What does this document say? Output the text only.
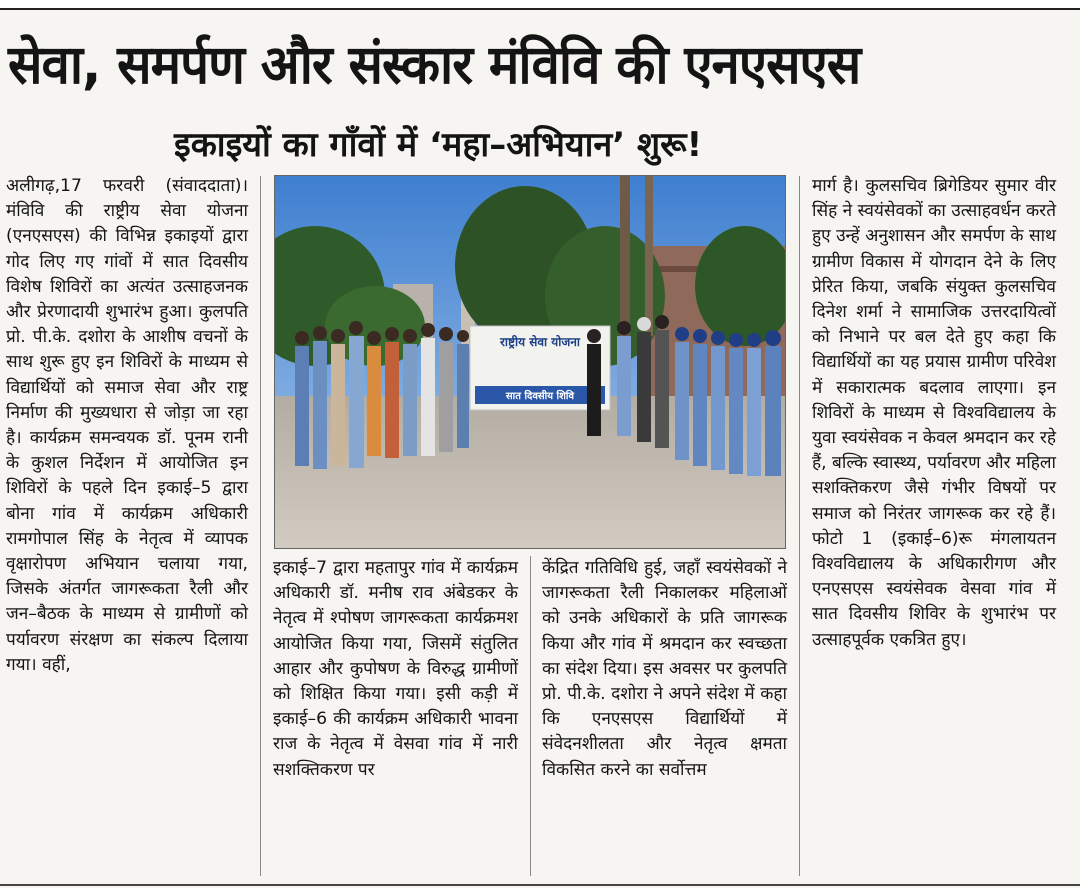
सेवा, समर्पण और संस्कार मंविवि की एनएसएस
इकाइयों का गाँवों में ‘महा–अभियान’ शुरू!
राष्ट्रीय सेवा योजना
सात दिवसीय शिवि

अलीगढ़,17 फरवरी (संवाददाता)। मंविवि की राष्ट्रीय सेवा योजना (एनएसएस) की विभिन्न इकाइयों द्वारा गोद लिए गए गांवों में सात दिवसीय विशेष शिविरों का अत्यंत उत्साहजनक और प्रेरणादायी शुभारंभ हुआ। कुलपति प्रो. पी.के. दशोरा के आशीष वचनों के साथ शुरू हुए इन शिविरों के माध्यम से विद्यार्थियों को समाज सेवा और राष्ट्र निर्माण की मुख्यधारा से जोड़ा जा रहा है। कार्यक्रम समन्वयक डॉ. पूनम रानी के कुशल निर्देशन में आयोजित इन शिविरों के पहले दिन इकाई–5 द्वारा बोना गांव में कार्यक्रम अधिकारी रामगोपाल सिंह के नेतृत्व में व्यापक वृक्षारोपण अभियान चलाया गया, जिसके अंतर्गत जागरूकता रैली और जन–बैठक के माध्यम से ग्रामीणों को पर्यावरण संरक्षण का संकल्प दिलाया गया। वहीं,

इकाई–7 द्वारा महतापुर गांव में कार्यक्रम अधिकारी डॉ. मनीष राव अंबेडकर के नेतृत्व में श्पोषण जागरूकता कार्यक्रमश आयोजित किया गया, जिसमें संतुलित आहार और कुपोषण के विरुद्ध ग्रामीणों को शिक्षित किया गया। इसी कड़ी में इकाई–6 की कार्यक्रम अधिकारी भावना राज के नेतृत्व में वेसवा गांव में नारी सशक्तिकरण पर

केंद्रित गतिविधि हुई, जहाँ स्वयंसेवकों ने जागरूकता रैली निकालकर महिलाओं को उनके अधिकारों के प्रति जागरूक किया और गांव में श्रमदान कर स्वच्छता का संदेश दिया। इस अवसर पर कुलपति प्रो. पी.के. दशोरा ने अपने संदेश में कहा कि एनएसएस विद्यार्थियों में संवेदनशीलता और नेतृत्व क्षमता विकसित करने का सर्वोत्तम

मार्ग है। कुलसचिव ब्रिगेडियर सुमार वीर सिंह ने स्वयंसेवकों का उत्साहवर्धन करते हुए उन्हें अनुशासन और समर्पण के साथ ग्रामीण विकास में योगदान देने के लिए प्रेरित किया, जबकि संयुक्त कुलसचिव दिनेश शर्मा ने सामाजिक उत्तरदायित्वों को निभाने पर बल देते हुए कहा कि विद्यार्थियों का यह प्रयास ग्रामीण परिवेश में सकारात्मक बदलाव लाएगा। इन शिविरों के माध्यम से विश्वविद्यालय के युवा स्वयंसेवक न केवल श्रमदान कर रहे हैं, बल्कि स्वास्थ्य, पर्यावरण और महिला सशक्तिकरण जैसे गंभीर विषयों पर समाज को निरंतर जागरूक कर रहे हैं। फोटो 1 (इकाई–6)रू मंगलायतन विश्वविद्यालय के अधिकारीगण और एनएसएस स्वयंसेवक वेसवा गांव में सात दिवसीय शिविर के शुभारंभ पर उत्साहपूर्वक एकत्रित हुए।
